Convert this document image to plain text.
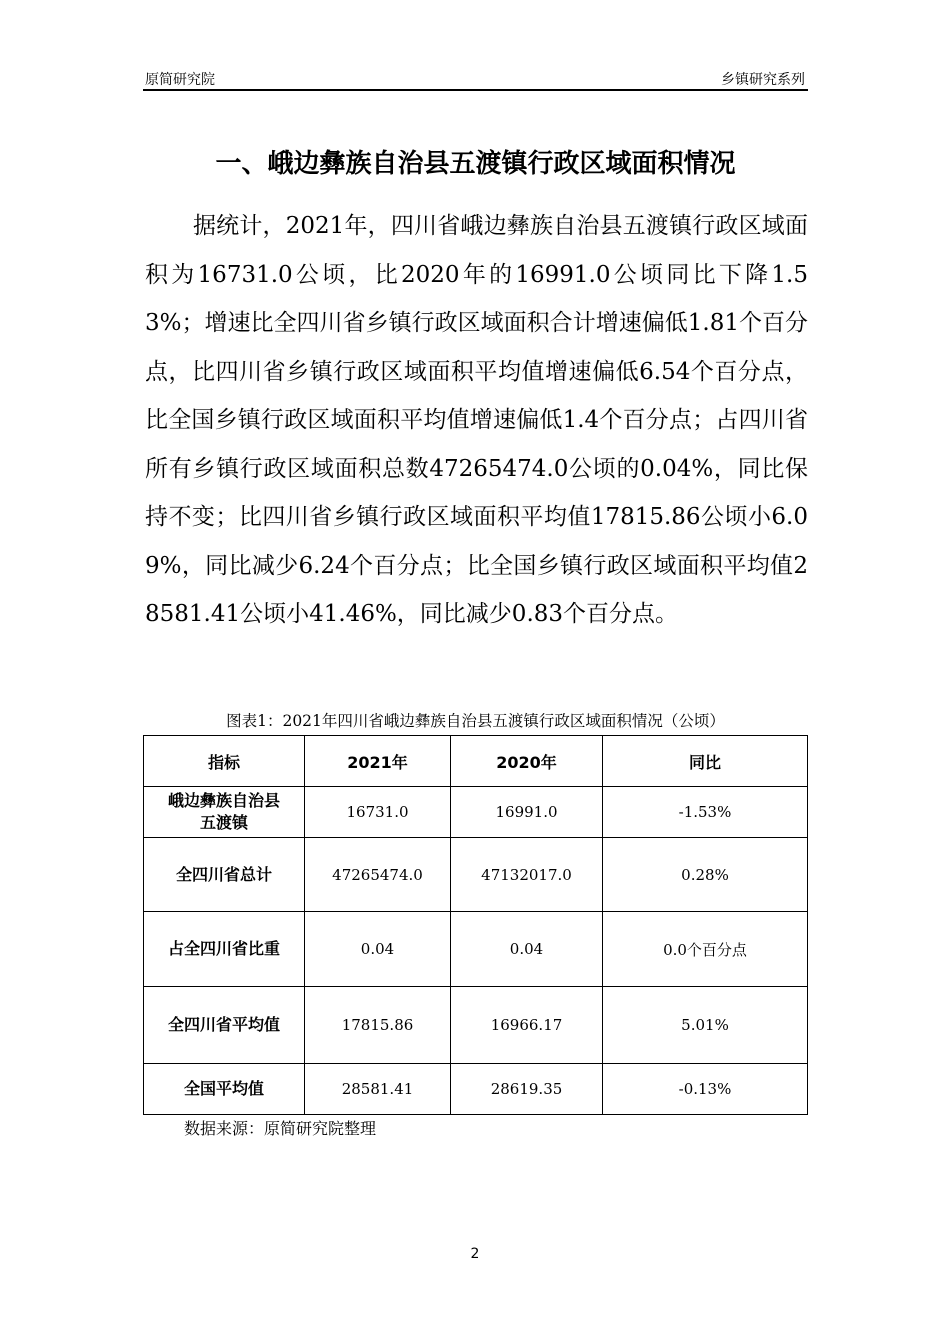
原简研究院	乡镇研究系列
一、峨边彝族自治县五渡镇行政区域面积情况

据统计，2021年，四川省峨边彝族自治县五渡镇行政区域面积为16731.0公顷，比2020年的16991.0公顷同比下降1.53%；增速比全四川省乡镇行政区域面积合计增速偏低1.81个百分点，比四川省乡镇行政区域面积平均值增速偏低6.54个百分点，比全国乡镇行政区域面积平均值增速偏低1.4个百分点；占四川省所有乡镇行政区域面积总数47265474.0公顷的0.04%，同比保持不变；比四川省乡镇行政区域面积平均值17815.86公顷小6.09%，同比减少6.24个百分点；比全国乡镇行政区域面积平均值28581.41公顷小41.46%，同比减少0.83个百分点。

图表1：2021年四川省峨边彝族自治县五渡镇行政区域面积情况（公顷）
指标	2021年	2020年	同比

峨边彝族自治县
五渡镇	16731.0	16991.0	-1.53%
全四川省总计	47265474.0	47132017.0	0.28%
占全四川省比重	0.04	0.04	0.0个百分点
全四川省平均值	17815.86	16966.17	5.01%
全国平均值	28581.41	28619.35	-0.13%
数据来源：原简研究院整理
2
